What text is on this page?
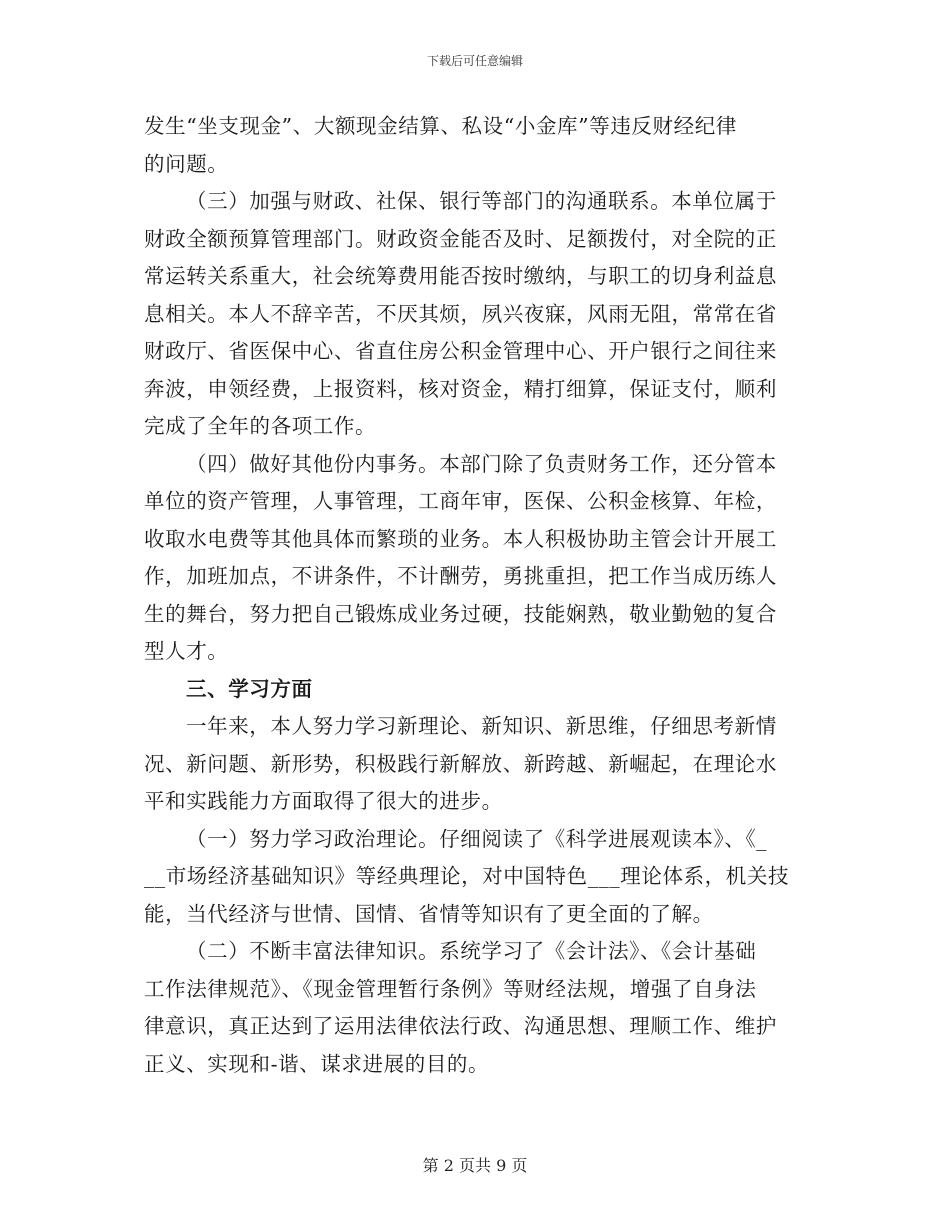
下载后可任意编辑
发生“坐支现金”、大额现金结算、私设“小金库”等违反财经纪律
的问题。
（三）加强与财政、社保、银行等部门的沟通联系。本单位属于
财政全额预算管理部门。财政资金能否及时、足额拨付，对全院的正
常运转关系重大，社会统筹费用能否按时缴纳，与职工的切身利益息
息相关。本人不辞辛苦，不厌其烦，夙兴夜寐，风雨无阻，常常在省
财政厅、省医保中心、省直住房公积金管理中心、开户银行之间往来
奔波，申领经费，上报资料，核对资金，精打细算，保证支付，顺利
完成了全年的各项工作。
（四）做好其他份内事务。本部门除了负责财务工作，还分管本
单位的资产管理，人事管理，工商年审，医保、公积金核算、年检，
收取水电费等其他具体而繁琐的业务。本人积极协助主管会计开展工
作，加班加点，不讲条件，不计酬劳，勇挑重担，把工作当成历练人
生的舞台，努力把自己锻炼成业务过硬，技能娴熟，敬业勤勉的复合
型人才。
三、学习方面
一年来，本人努力学习新理论、新知识、新思维，仔细思考新情
况、新问题、新形势，积极践行新解放、新跨越、新崛起，在理论水
平和实践能力方面取得了很大的进步。
（一）努力学习政治理论。仔细阅读了《科学进展观读本》、《_
__市场经济基础知识》等经典理论，对中国特色___理论体系，机关技
能，当代经济与世情、国情、省情等知识有了更全面的了解。
（二）不断丰富法律知识。系统学习了《会计法》、《会计基础
工作法律规范》、《现金管理暂行条例》等财经法规，增强了自身法
律意识，真正达到了运用法律依法行政、沟通思想、理顺工作、维护
正义、实现和-谐、谋求进展的目的。
第 2 页共 9 页
